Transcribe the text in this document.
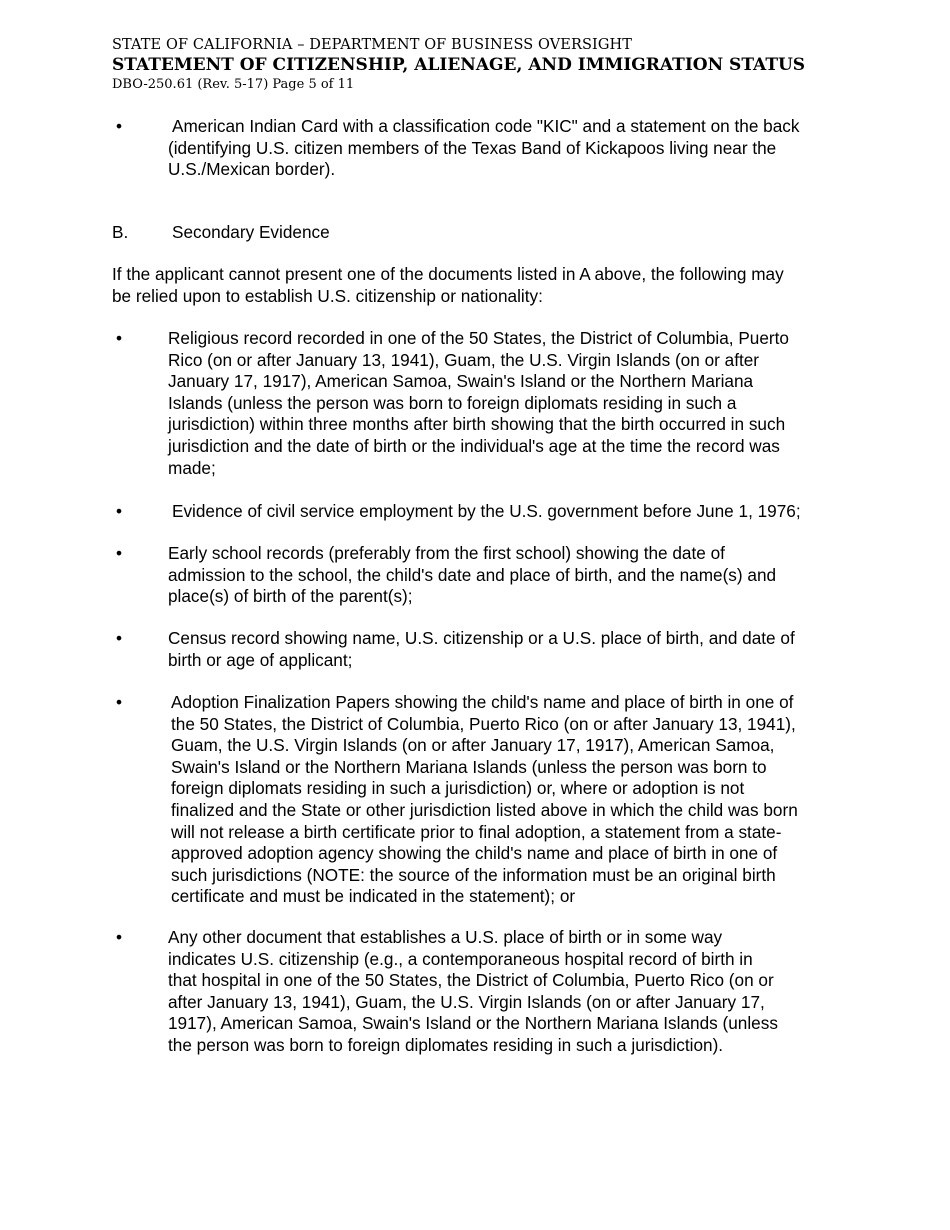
STATE OF CALIFORNIA – DEPARTMENT OF BUSINESS OVERSIGHT
STATEMENT OF CITIZENSHIP, ALIENAGE, AND IMMIGRATION STATUS
DBO-250.61 (Rev. 5-17) Page 5 of 11
•	American Indian Card with a classification code "KIC" and a statement on the back
(identifying U.S. citizen members of the Texas Band of Kickapoos living near the
U.S./Mexican border).
B.	Secondary Evidence
If the applicant cannot present one of the documents listed in A above, the following may
be relied upon to establish U.S. citizenship or nationality:
•	Religious record recorded in one of the 50 States, the District of Columbia, Puerto
Rico (on or after January 13, 1941), Guam, the U.S. Virgin Islands (on or after
January 17, 1917), American Samoa, Swain's Island or the Northern Mariana
Islands (unless the person was born to foreign diplomats residing in such a
jurisdiction) within three months after birth showing that the birth occurred in such
jurisdiction and the date of birth or the individual's age at the time the record was
made;
•	Evidence of civil service employment by the U.S. government before June 1, 1976;
•	Early school records (preferably from the first school) showing the date of
admission to the school, the child's date and place of birth, and the name(s) and
place(s) of birth of the parent(s);
•	Census record showing name, U.S. citizenship or a U.S. place of birth, and date of
birth or age of applicant;
•	Adoption Finalization Papers showing the child's name and place of birth in one of
the 50 States, the District of Columbia, Puerto Rico (on or after January 13, 1941),
Guam, the U.S. Virgin Islands (on or after January 17, 1917), American Samoa,
Swain's Island or the Northern Mariana Islands (unless the person was born to
foreign diplomats residing in such a jurisdiction) or, where or adoption is not
finalized and the State or other jurisdiction listed above in which the child was born
will not release a birth certificate prior to final adoption, a statement from a state-
approved adoption agency showing the child's name and place of birth in one of
such jurisdictions (NOTE: the source of the information must be an original birth
certificate and must be indicated in the statement); or
•	Any other document that establishes a U.S. place of birth or in some way
indicates U.S. citizenship (e.g., a contemporaneous hospital record of birth in
that hospital in one of the 50 States, the District of Columbia, Puerto Rico (on or
after January 13, 1941), Guam, the U.S. Virgin Islands (on or after January 17,
1917), American Samoa, Swain's Island or the Northern Mariana Islands (unless
the person was born to foreign diplomates residing in such a jurisdiction).
